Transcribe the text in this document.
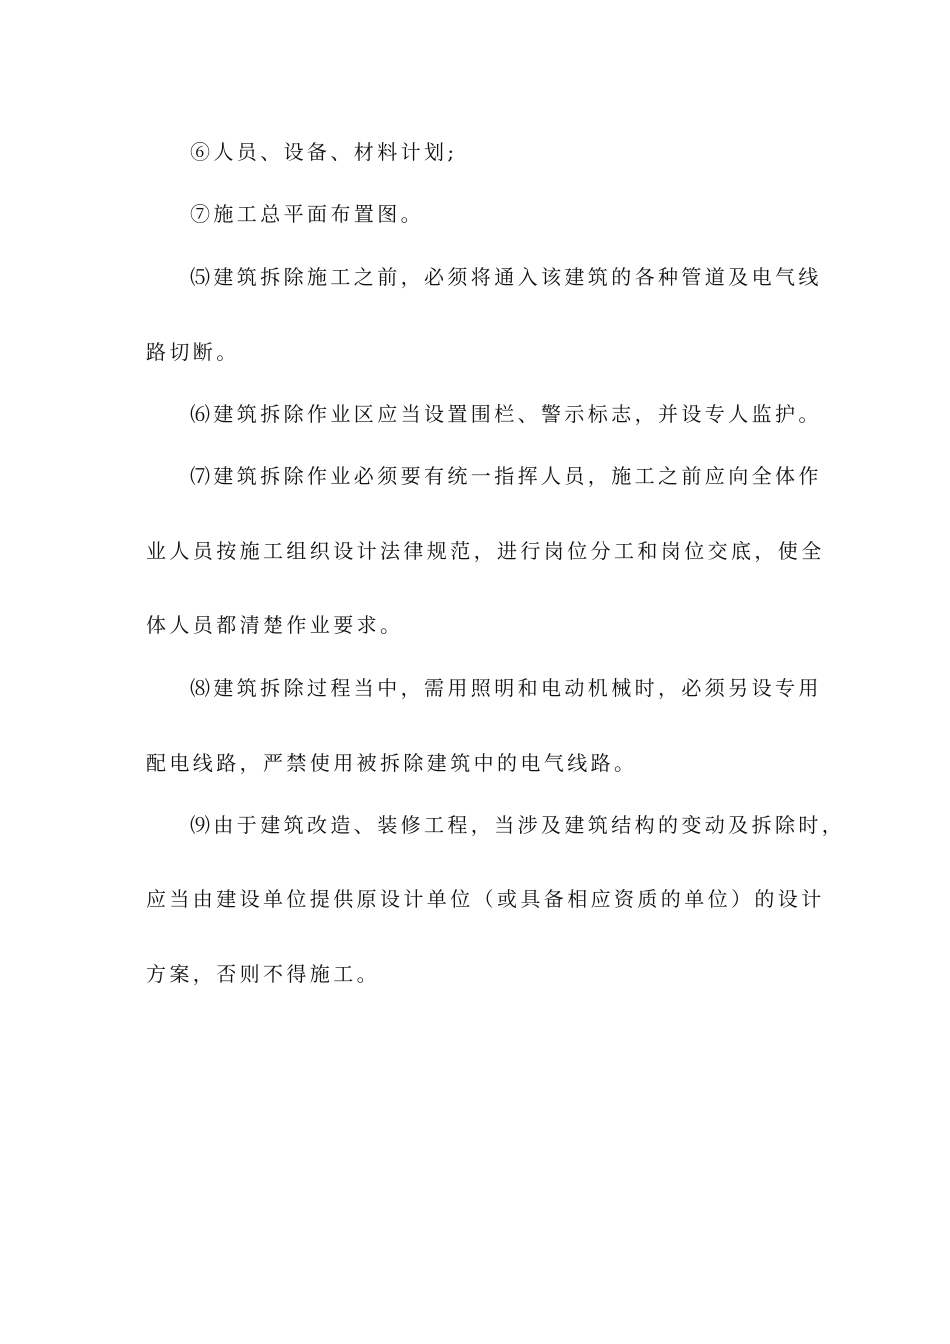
⑥人员、设备、材料计划;
⑦施工总平面布置图。
⑸建筑拆除施工之前，必须将通入该建筑的各种管道及电气线
路切断。
⑹建筑拆除作业区应当设置围栏、警示标志，并设专人监护。
⑺建筑拆除作业必须要有统一指挥人员，施工之前应向全体作
业人员按施工组织设计法律规范，进行岗位分工和岗位交底，使全
体人员都清楚作业要求。
⑻建筑拆除过程当中，需用照明和电动机械时，必须另设专用
配电线路，严禁使用被拆除建筑中的电气线路。
⑼由于建筑改造、装修工程，当涉及建筑结构的变动及拆除时，
应当由建设单位提供原设计单位（或具备相应资质的单位）的设计
方案，否则不得施工。
